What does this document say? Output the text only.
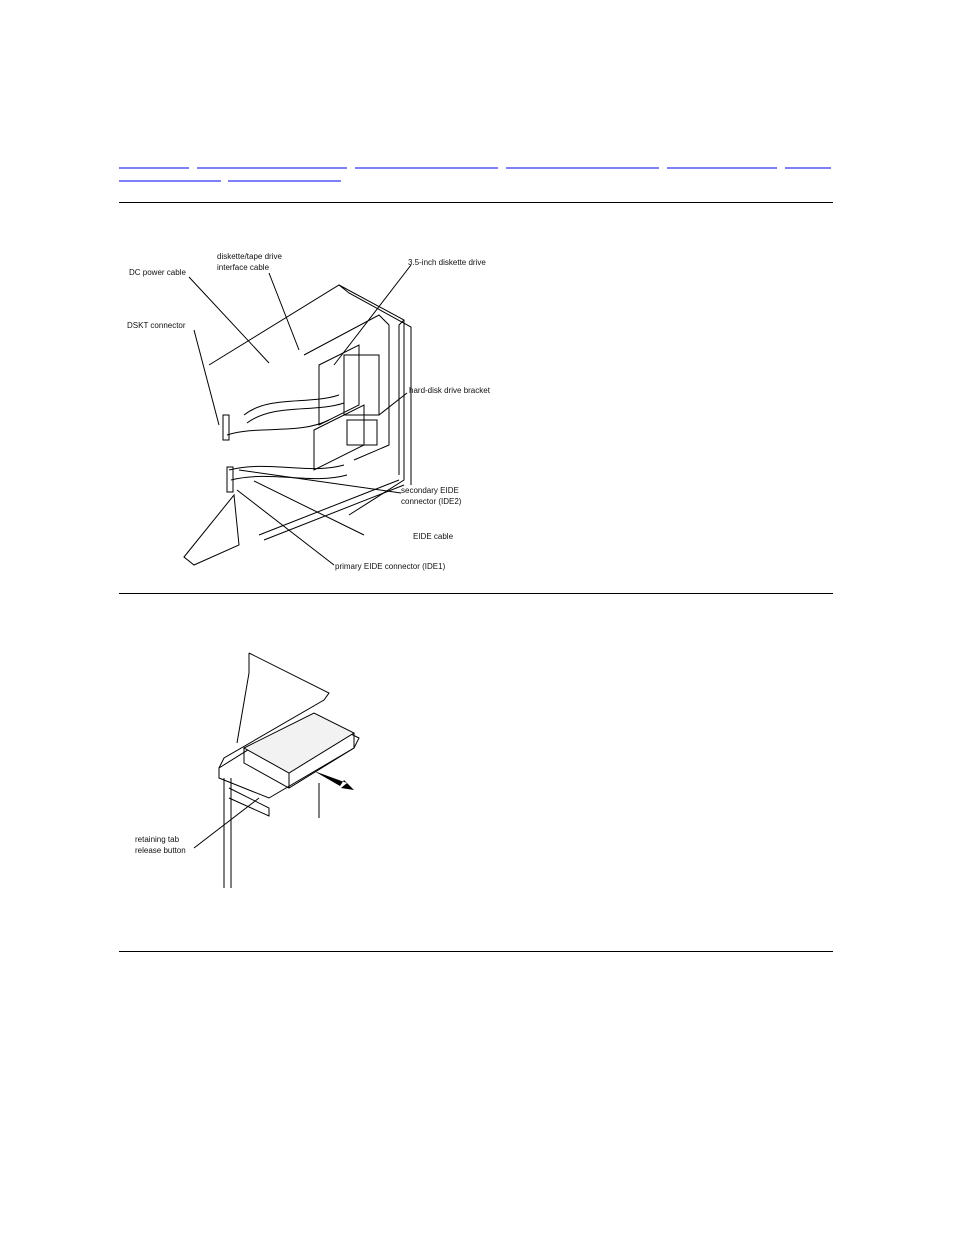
DC power cable
diskette/tape drive
interface cable
3.5-inch diskette drive
DSKT connector
hard-disk drive bracket
secondary EIDE
connector (IDE2)
EIDE cable
primary EIDE connector (IDE1)
retaining tab
release button
